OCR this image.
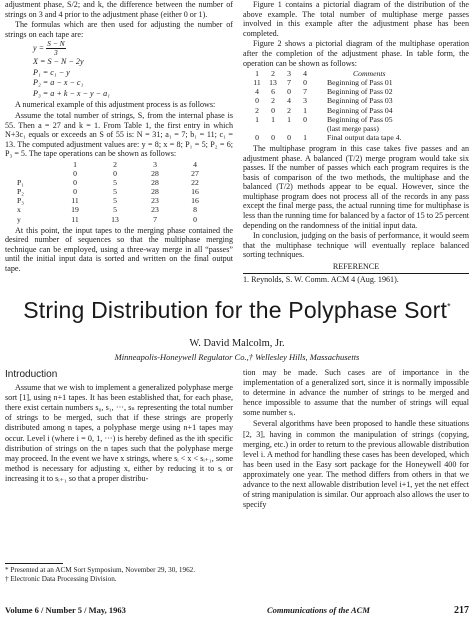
adjustment phase, S/2; and k, the difference between the number of strings on 3 and 4 prior to the adjustment phase (either 0 or 1).

The formulas which are then used for adjusting the number of strings on each tape are:

$y = \frac{S - N}{3}$
X = S − N − 2y
P₁ = c₁ − y
P₂ = a − x − c₁
P₃ = a + k − x − y − a₁

A numerical example of this adjustment process is as follows:

Assume the total number of strings, S, from the internal phase is 55. Then a = 27 and k = 1. From Table 1, the first entry in which N+3c₁ equals or exceeds an S of 55 is: N = 31; a₁ = 7; b₁ = 11; c₁ = 13. The computed adjustment values are: y = 8; x = 8; P₁ = 5; P₂ = 6; P₃ = 5. The tape operations can be shown as follows:

	1	2	3	4
	0	0	28	27
P₁	0	5	28	22
P₂	0	5	28	16
P₃	11	5	23	16
x	19	5	23	8
y	11	13	7	0

At this point, the input tapes to the merging phase contained the desired number of sequences so that the multiphase merging technique can be employed, using a three-way merge in all “passes” until the initial input data is sorted and written on the final output tape.

Figure 1 contains a pictorial diagram of the distribution of the above example. The total number of multiphase merge passes involved in this example after the adjustment phase has been completed.

Figure 2 shows a pictorial diagram of the multiphase operation after the completion of the adjustment phase. In table form, the operation can be shown as follows:

1	2	3	4	Comments
11	13	7	0	Beginning of Pass 01
4	6	0	7	Beginning of Pass 02
0	2	4	3	Beginning of Pass 03
2	0	2	1	Beginning of Pass 04
1	1	1	0	Beginning of Pass 05
				(last merge pass)
0	0	0	1	Final output data tape 4.

The multiphase program in this case takes five passes and an adjustment phase. A balanced (T/2) merge program would take six passes. If the number of passes which each program requires is the basis of comparison of the two methods, the multiphase and the balanced (T/2) methods appear to be equal. However, since the multiphase program does not process all of the records in any pass except the final merge pass, the actual running time for multiphase is less than the running time for balanced by a factor of 15 to 25 percent depending on the randomness of the initial input data.

In conclusion, judging on the basis of performance, it would seem that the multiphase technique will eventually replace balanced sorting techniques.

REFERENCE

1. Reynolds, S. W. Comm. ACM 4 (Aug. 1961).

String Distribution for the Polyphase Sort*
W. David Malcolm, Jr.
Minneapolis-Honeywell Regulator Co.,† Wellesley Hills, Massachusetts
Introduction

Assume that we wish to implement a generalized polyphase merge sort [1], using n+1 tapes. It has been established that, for each phase, there exist certain numbers s₀, s₁, ···, sₙ representing the total number of strings to be merged, such that if these strings are properly distributed among n tapes, a polyphase merge using n+1 tapes may occur. Level i (where i = 0, 1, ···) is hereby defined as the ith specific distribution of strings on the n tapes such that the polyphase merge may proceed. In the event we have x strings, where sᵢ < x < sᵢ₊₁, some method is necessary for adjusting x, either by reducing it to sᵢ or increasing it to sᵢ₊₁ so that a proper distribu-

tion may be made. Such cases are of importance in the implementation of a generalized sort, since it is normally impossible to determine in advance the number of strings to be merged and hence impossible to assume that the number of strings will equal some number sᵢ.

Several algorithms have been proposed to handle these situations [2, 3], having in common the manipulation of strings (copying, merging, etc.) in order to return to the previous allowable distribution level i. A method for handling these cases has been developed, which has been used in the Easy sort package for the Honeywell 400 for approximately one year. The method differs from others in that we advance to the next allowable distribution level i+1, yet the net effect of string manipulation is similar. Our approach also allows the user to specify

* Presented at an ACM Sort Symposium, November 29, 30, 1962.
† Electronic Data Processing Division.
Volume 6 / Number 5 / May, 1963	Communications of the ACM	217
